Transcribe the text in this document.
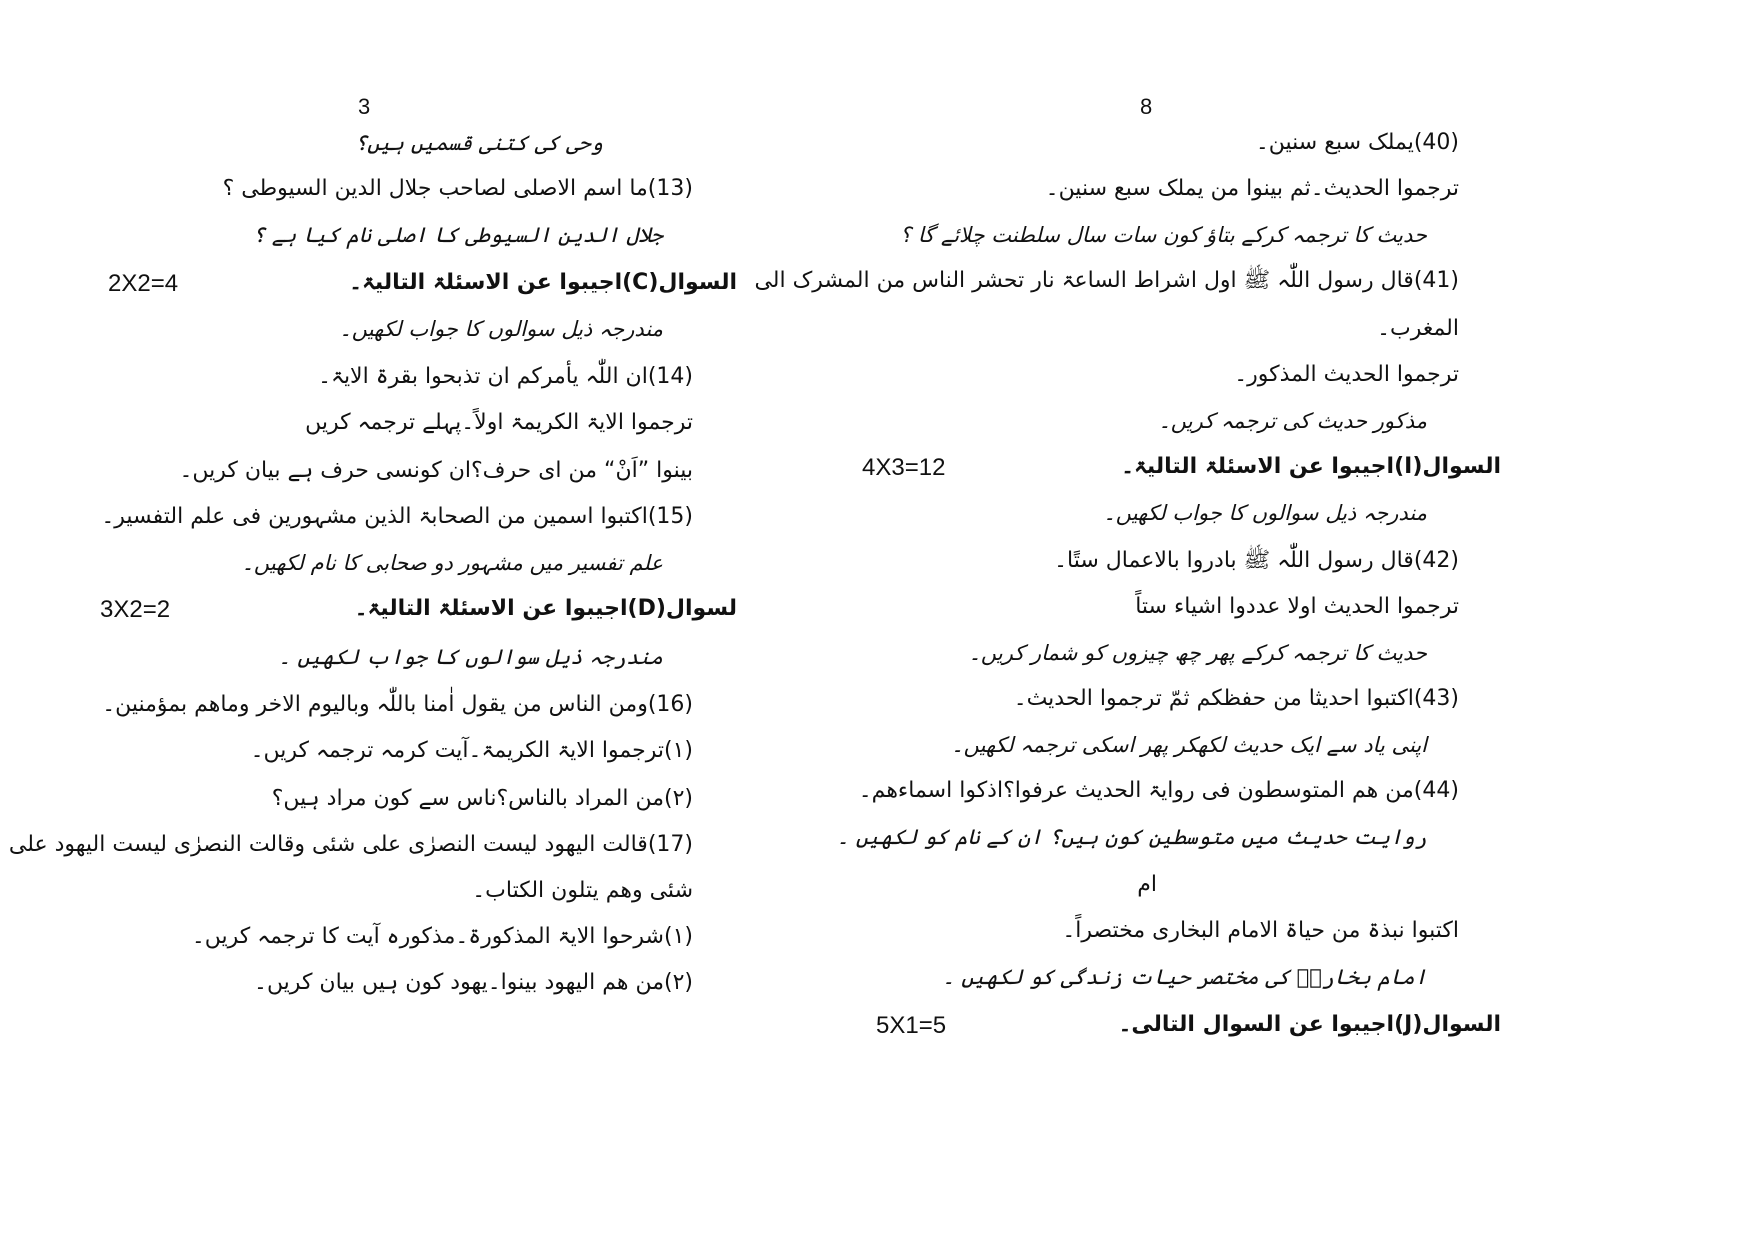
3
وحی کی کتنی قسمیں ہیں؟
(13)ما اسم الاصلی لصاحب جلال الدین السیوطی ؟
جلال الدین السیوطی کا اصلی نام کیا ہے ؟
السوال(C)اجیبوا عن الاسئلۃ التالیۃ۔
2X2=4
مندرجہ ذیل سوالوں کا جواب لکھیں۔
(14)ان اللّٰہ یأمرکم ان تذبحوا بقرۃ الایۃ۔
ترجموا الایۃ الکریمۃ اولاً۔پہلے ترجمہ کریں
بینوا ”اَنْ“ من ای حرف؟ان کونسی حرف ہے بیان کریں۔
(15)اکتبوا اسمین من الصحابۃ الذین مشہورین فی علم التفسیر۔
علم تفسیر میں مشہور دو صحابی کا نام لکھیں۔
لسوال(D)اجیبوا عن الاسئلۃ التالیۃ۔
3X2=2
مندرجہ ذیل سوالوں کا جواب لکھیں ۔
(16)ومن الناس من یقول اٰمنا باللّٰہ وبالیوم الاخر وماھم بمؤمنین۔
(۱)ترجموا الایۃ الکریمۃ۔آیت کرمہ ترجمہ کریں۔
(۲)من المراد بالناس؟ناس سے کون مراد ہیں؟
(17)قالت الیھود لیست النصرٰی علی شئی وقالت النصرٰی لیست الیھود علی
شئی وھم یتلون الکتاب۔
(۱)شرحوا الایۃ المذکورۃ۔مذکورہ آیت کا ترجمہ کریں۔
(۲)من ھم الیھود بینوا۔یھود کون ہیں بیان کریں۔
8
(40)یملک سبع سنین۔
ترجموا الحدیث۔ثم بینوا من یملک سبع سنین۔
حدیث کا ترجمہ کرکے بتاؤ کون سات سال سلطنت چلائے گا ؟
(41)قال رسول اللّٰہ ﷺ اول اشراط الساعۃ نار تحشر الناس من المشرک الی
المغرب۔
ترجموا الحدیث المذکور۔
مذکور حدیث کی ترجمہ کریں۔
السوال(I)اجیبوا عن الاسئلۃ التالیۃ۔
4X3=12
مندرجہ ذیل سوالوں کا جواب لکھیں۔
(42)قال رسول اللّٰہ ﷺ بادروا بالاعمال ستًا۔
ترجموا الحدیث اولا عددوا اشیاء ستاً
حدیث کا ترجمہ کرکے پھر چھ چیزوں کو شمار کریں۔
(43)اکتبوا احدیثا من حفظکم ثمّ ترجموا الحدیث۔
اپنی یاد سے ایک حدیث لکھکر پھر اسکی ترجمہ لکھیں۔
(44)من ھم المتوسطون فی روایۃ الحدیث عرفوا؟اذکوا اسماءھم۔
روایت حدیث میں متوسطین کون ہیں؟ ان کے نام کو لکھیں ۔
ام
اکتبوا نبذۃ من حیاۃ الامام البخاری مختصراً۔
امام بخاریؒ کی مختصر حیات زندگی کو لکھیں ۔
السوال(J)اجیبوا عن السوال التالی۔
5X1=5
